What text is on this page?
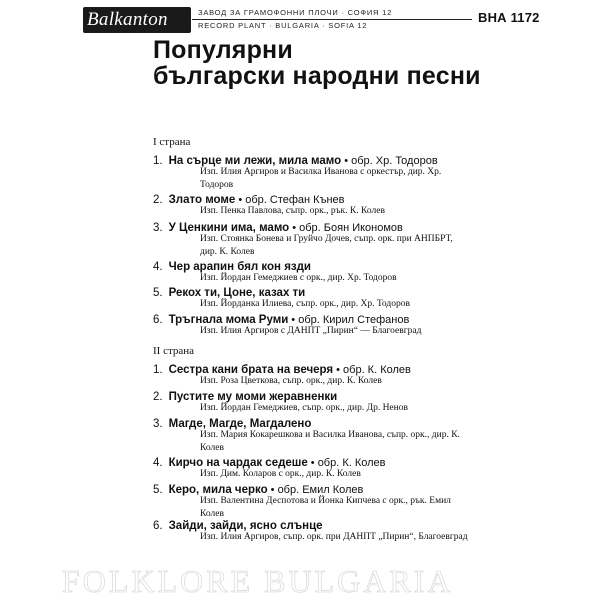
Balkanton	ЗАВОД ЗА ГРАМОФОННИ ПЛОЧИ · СОФИЯ 12
RECORD PLANT · BULGARIA · SOFIA 12
ВНА 1172
Популярни
български народни песни
I страна
1. На сърце ми лежи, мила мамо • обр. Хр. Тодоров
Изп. Илия Аргиров и Василка Иванова с оркестър, дир. Хр. Тодоров
2. Злато моме • обр. Стефан Кънев
Изп. Пенка Павлова, съпр. орк., рък. К. Колев
3. У Ценкини има, мамо • обр. Боян Икономов
Изп. Стоянка Бонева и Груйчо Дочев, съпр. орк. при АНПБРТ, дир. К. Колев
4. Чер арапин бял кон язди
Изп. Йордан Гемеджиев с орк., дир. Хр. Тодоров
5. Рекох ти, Цоне, казах ти
Изп. Йорданка Илиева, съпр. орк., дир. Хр. Тодоров
6. Тръгнала мома Руми • обр. Кирил Стефанов
Изп. Илия Аргиров с ДАНПТ „Пирин“ — Благоевград
II страна
1. Сестра кани брата на вечеря • обр. К. Колев
Изп. Роза Цветкова, съпр. орк., дир. К. Колев
2. Пустите му моми жеравненки
Изп. Йордан Гемеджиев, съпр. орк., дир. Др. Ненов
3. Магде, Магде, Магдалено
Изп. Мария Кокарешкова и Василка Иванова, съпр. орк., дир. К. Колев
4. Кирчо на чардак седеше • обр. К. Колев
Изп. Дим. Коларов с орк., дир. К. Колев
5. Керо, мила черко • обр. Емил Колев
Изп. Валентина Деспотова и Йонка Кипчева с орк., рък. Емил Колев
6. Зайди, зайди, ясно слънце
Изп. Илия Аргиров, съпр. орк. при ДАНПТ „Пирин“, Благоевград
FOLKLORE BULGARIA
